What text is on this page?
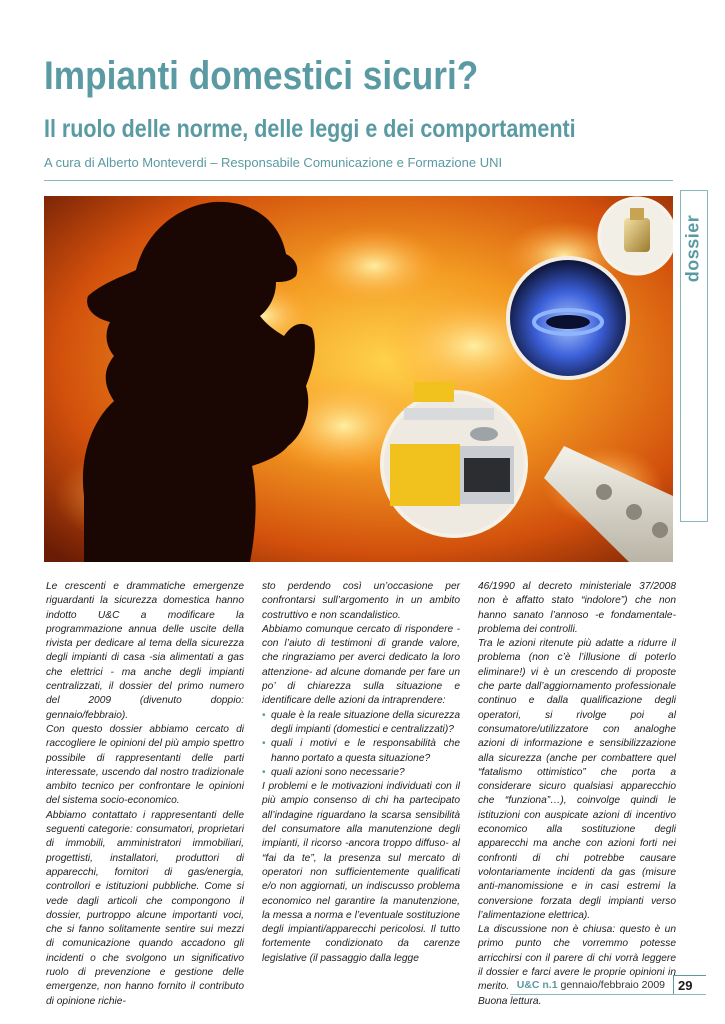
Impianti domestici sicuri?
Il ruolo delle norme, delle leggi e dei comportamenti
A cura di Alberto Monteverdi – Responsabile Comunicazione e Formazione UNI
dossier

Le crescenti e drammatiche emergenze riguardanti la sicurezza domestica hanno indotto U&C a modificare la programmazione annua delle uscite della rivista per dedicare al tema della sicurezza degli impianti di casa -sia alimentati a gas che elettrici - ma anche degli impianti centralizzati, il dossier del primo numero del 2009 (divenuto doppio: gennaio/febbraio).

Con questo dossier abbiamo cercato di raccogliere le opinioni del più ampio spettro possibile di rappresentanti delle parti interessate, uscendo dal nostro tradizionale ambito tecnico per confrontare le opinioni del sistema socio-economico.

Abbiamo contattato i rappresentanti delle seguenti categorie: consumatori, proprietari di immobili, amministratori immobiliari, progettisti, installatori, produttori di apparecchi, fornitori di gas/energia, controllori e istituzioni pubbliche. Come si vede dagli articoli che compongono il dossier, purtroppo alcune importanti voci, che si fanno solitamente sentire sui mezzi di comunicazione quando accadono gli incidenti o che svolgono un significativo ruolo di prevenzione e gestione delle emergenze, non hanno fornito il contributo di opinione richie-

sto perdendo così un’occasione per confrontarsi sull’argomento in un ambito costruttivo e non scandalistico.

Abbiamo comunque cercato di rispondere -con l’aiuto di testimoni di grande valore, che ringraziamo per averci dedicato la loro attenzione- ad alcune domande per fare un po’ di chiarezza sulla situazione e identificare delle azioni da intraprendere:

• quale è la reale situazione della sicurezza degli impianti (domestici e centralizzati)?
• quali i motivi e le responsabilità che hanno portato a questa situazione?
• quali azioni sono necessarie?

I problemi e le motivazioni individuati con il più ampio consenso di chi ha partecipato all’indagine riguardano la scarsa sensibilità del consumatore alla manutenzione degli impianti, il ricorso -ancora troppo diffuso- al “fai da te”, la presenza sul mercato di operatori non sufficientemente qualificati e/o non aggiornati, un indiscusso problema economico nel garantire la manutenzione, la messa a norma e l’eventuale sostituzione degli impianti/apparecchi pericolosi. Il tutto fortemente condizionato da carenze legislative (il passaggio dalla legge

46/1990 al decreto ministeriale 37/2008 non è affatto stato “indolore”) che non hanno sanato l’annoso -e fondamentale- problema dei controlli.

Tra le azioni ritenute più adatte a ridurre il problema (non c’è l’illusione di poterlo eliminare!) vi è un crescendo di proposte che parte dall’aggiornamento professionale continuo e dalla qualificazione degli operatori, si rivolge poi al consumatore/utilizzatore con analoghe azioni di informazione e sensibilizzazione alla sicurezza (anche per combattere quel “fatalismo ottimistico” che porta a considerare sicuro qualsiasi apparecchio che “funziona”…), coinvolge quindi le istituzioni con auspicate azioni di incentivo economico alla sostituzione degli apparecchi ma anche con azioni forti nei confronti di chi potrebbe causare volontariamente incidenti da gas (misure anti-manomissione e in casi estremi la conversione forzata degli impianti verso l’alimentazione elettrica).

La discussione non è chiusa: questo è un primo punto che vorremmo potesse arricchirsi con il parere di chi vorrà leggere il dossier e farci avere le proprie opinioni in merito.

Buona lettura.

U&C n.1 gennaio/febbraio 2009	29
